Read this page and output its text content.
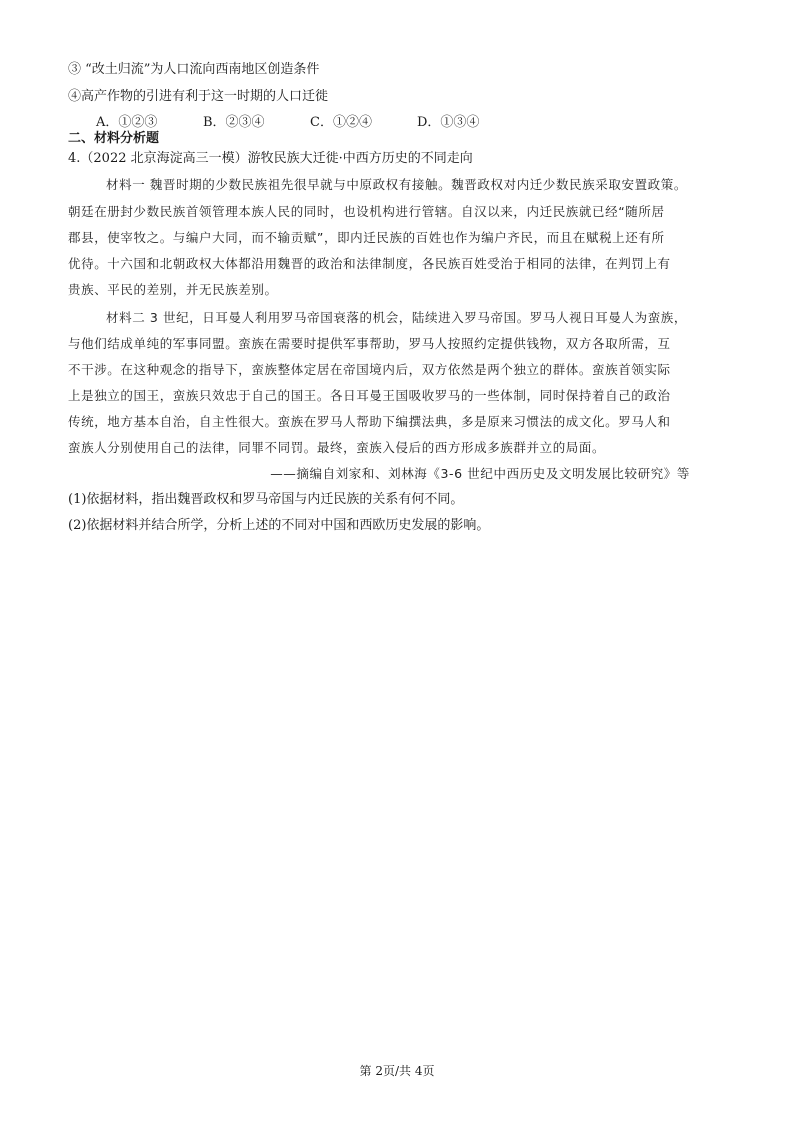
③ “改土归流”为人口流向西南地区创造条件
④高产作物的引进有利于这一时期的人口迁徙
A．①②③	B．②③④	C．①②④	D．①③④
二、材料分析题
4.（2022 北京海淀高三一模）游牧民族大迁徙·中西方历史的不同走向
材料一 魏晋时期的少数民族祖先很早就与中原政权有接触。魏晋政权对内迁少数民族采取安置政策。
朝廷在册封少数民族首领管理本族人民的同时，也设机构进行管辖。自汉以来，内迁民族就已经“随所居
郡县，使宰牧之。与编户大同，而不输贡赋”，即内迁民族的百姓也作为编户齐民，而且在赋税上还有所
优待。十六国和北朝政权大体都沿用魏晋的政治和法律制度，各民族百姓受治于相同的法律，在判罚上有
贵族、平民的差别，并无民族差别。
材料二 3 世纪，日耳曼人利用罗马帝国衰落的机会，陆续进入罗马帝国。罗马人视日耳曼人为蛮族，
与他们结成单纯的军事同盟。蛮族在需要时提供军事帮助，罗马人按照约定提供钱物，双方各取所需，互
不干涉。在这种观念的指导下，蛮族整体定居在帝国境内后，双方依然是两个独立的群体。蛮族首领实际
上是独立的国王，蛮族只效忠于自己的国王。各日耳曼王国吸收罗马的一些体制，同时保持着自己的政治
传统，地方基本自治，自主性很大。蛮族在罗马人帮助下编撰法典，多是原来习惯法的成文化。罗马人和
蛮族人分别使用自己的法律，同罪不同罚。最终，蛮族入侵后的西方形成多族群并立的局面。
——摘编自刘家和、刘林海《3-6 世纪中西历史及文明发展比较研究》等
(1)依据材料，指出魏晋政权和罗马帝国与内迁民族的关系有何不同。
(2)依据材料并结合所学，分析上述的不同对中国和西欧历史发展的影响。
第 2页/共 4页
